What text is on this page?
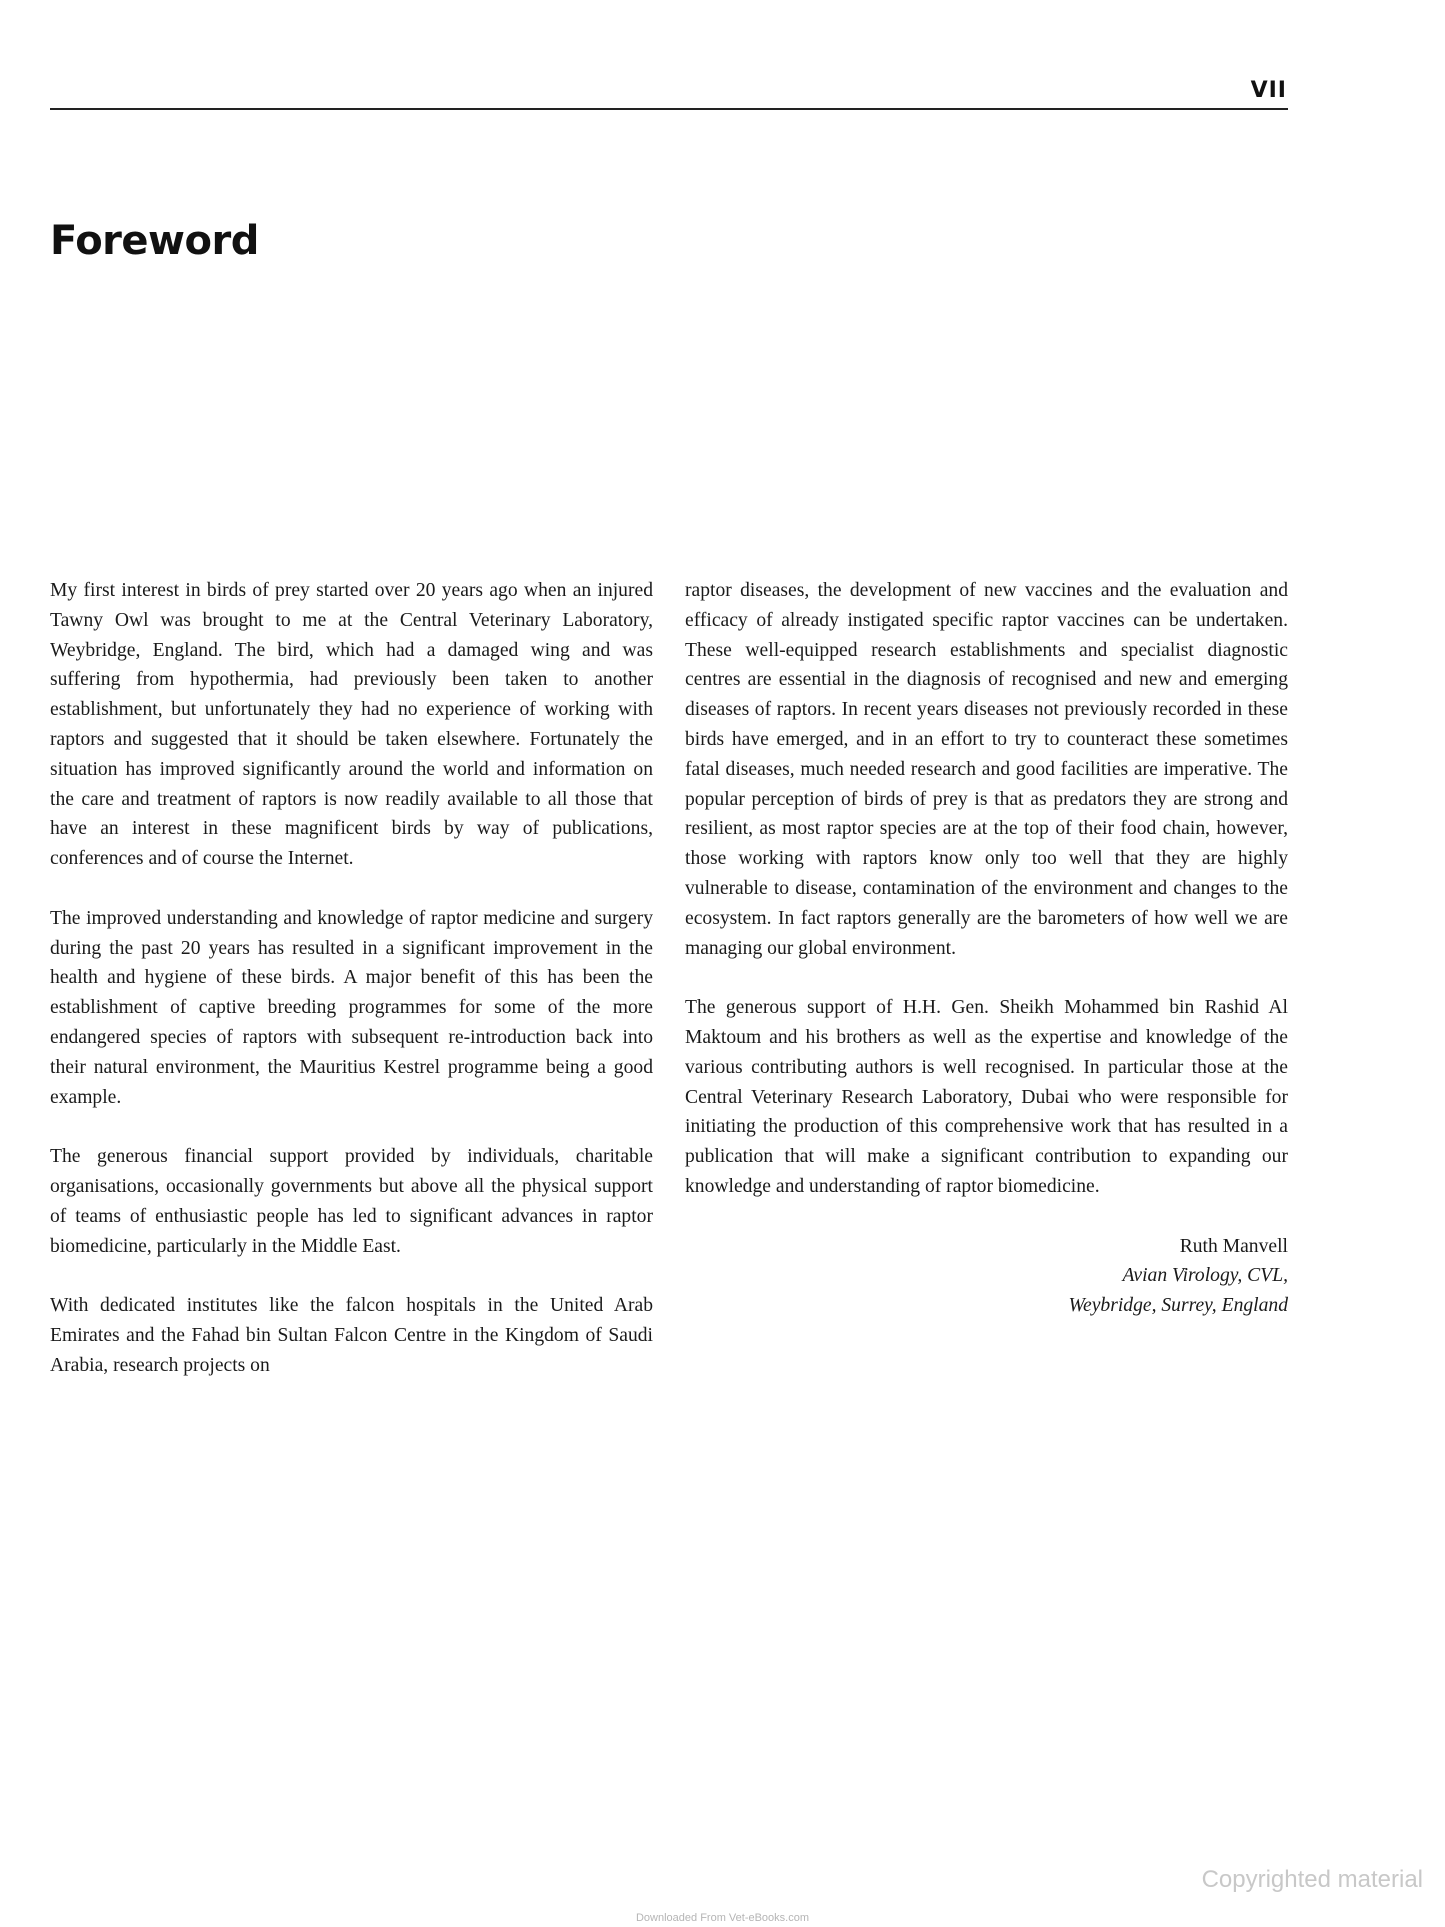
VII
Foreword

My first interest in birds of prey started over 20 years ago when an injured Tawny Owl was brought to me at the Central Veterinary Laboratory, Weybridge, England. The bird, which had a damaged wing and was suffering from hypothermia, had previously been taken to another establishment, but unfortunately they had no experience of working with raptors and suggested that it should be taken elsewhere. Fortunately the situation has improved significantly around the world and information on the care and treatment of raptors is now readily available to all those that have an interest in these magnificent birds by way of publications, conferences and of course the Internet.

The improved understanding and knowledge of raptor medicine and surgery during the past 20 years has resulted in a significant improvement in the health and hygiene of these birds. A major benefit of this has been the establishment of captive breeding programmes for some of the more endangered species of raptors with subsequent re-introduction back into their natural environment, the Mauritius Kestrel programme being a good example.

The generous financial support provided by individuals, charitable organisations, occasionally governments but above all the physical support of teams of enthusiastic people has led to significant advances in raptor biomedicine, particularly in the Middle East.

With dedicated institutes like the falcon hospitals in the United Arab Emirates and the Fahad bin Sultan Falcon Centre in the Kingdom of Saudi Arabia, research projects on

raptor diseases, the development of new vaccines and the evaluation and efficacy of already instigated specific raptor vaccines can be undertaken. These well-equipped research establishments and specialist diagnostic centres are essential in the diagnosis of recognised and new and emerging diseases of raptors. In recent years diseases not previously recorded in these birds have emerged, and in an effort to try to counteract these sometimes fatal diseases, much needed research and good facilities are imperative. The popular perception of birds of prey is that as predators they are strong and resilient, as most raptor species are at the top of their food chain, however, those working with raptors know only too well that they are highly vulnerable to disease, contamination of the environment and changes to the ecosystem. In fact raptors generally are the barometers of how well we are managing our global environment.

The generous support of H.H. Gen. Sheikh Mohammed bin Rashid Al Maktoum and his brothers as well as the expertise and knowledge of the various contributing authors is well recognised. In particular those at the Central Veterinary Research Laboratory, Dubai who were responsible for initiating the production of this comprehensive work that has resulted in a publication that will make a significant contribution to expanding our knowledge and understanding of raptor biomedicine.

Ruth Manvell
Avian Virology, CVL,
Weybridge, Surrey, England
Copyrighted material
Downloaded From Vet-eBooks.com
